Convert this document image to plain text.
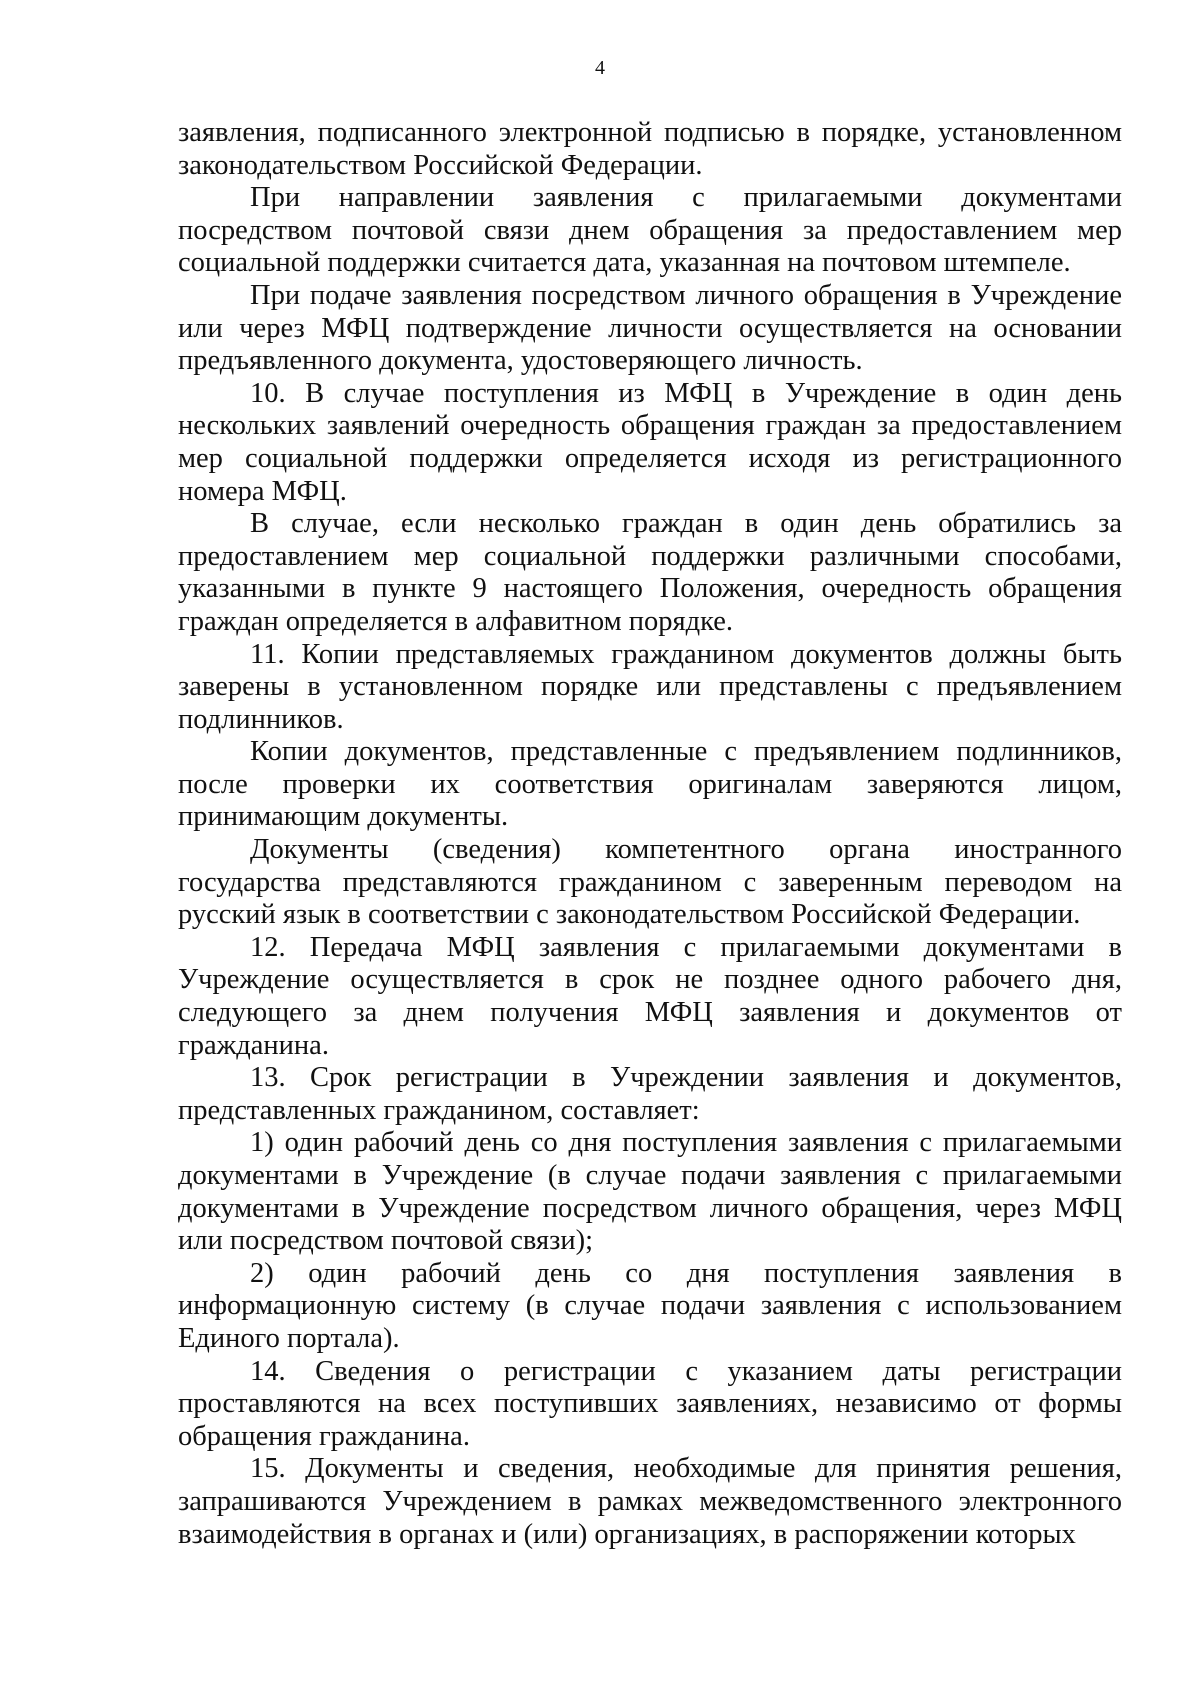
4

заявления, подписанного электронной подписью в порядке, установленном законодательством Российской Федерации.

При направлении заявления с прилагаемыми документами посредством почтовой связи днем обращения за предоставлением мер социальной поддержки считается дата, указанная на почтовом штемпеле.

При подаче заявления посредством личного обращения в Учреждение или через МФЦ подтверждение личности осуществляется на основании предъявленного документа, удостоверяющего личность.

10. В случае поступления из МФЦ в Учреждение в один день нескольких заявлений очередность обращения граждан за предоставлением мер социальной поддержки определяется исходя из регистрационного номера МФЦ.

В случае, если несколько граждан в один день обратились за предоставлением мер социальной поддержки различными способами, указанными в пункте 9 настоящего Положения, очередность обращения граждан определяется в алфавитном порядке.

11. Копии представляемых гражданином документов должны быть заверены в установленном порядке или представлены с предъявлением подлинников.

Копии документов, представленные с предъявлением подлинников, после проверки их соответствия оригиналам заверяются лицом, принимающим документы.

Документы (сведения) компетентного органа иностранного государства представляются гражданином с заверенным переводом на русский язык в соответствии с законодательством Российской Федерации.

12. Передача МФЦ заявления с прилагаемыми документами в Учреждение осуществляется в срок не позднее одного рабочего дня, следующего за днем получения МФЦ заявления и документов от гражданина.

13. Срок регистрации в Учреждении заявления и документов, представленных гражданином, составляет:

1) один рабочий день со дня поступления заявления с прилагаемыми документами в Учреждение (в случае подачи заявления с прилагаемыми документами в Учреждение посредством личного обращения, через МФЦ или посредством почтовой связи);

2) один рабочий день со дня поступления заявления в информационную систему (в случае подачи заявления с использованием Единого портала).

14. Сведения о регистрации с указанием даты регистрации проставляются на всех поступивших заявлениях, независимо от формы обращения гражданина.

15. Документы и сведения, необходимые для принятия решения, запрашиваются Учреждением в рамках межведомственного электронного взаимодействия в органах и (или) организациях, в распоряжении которых
